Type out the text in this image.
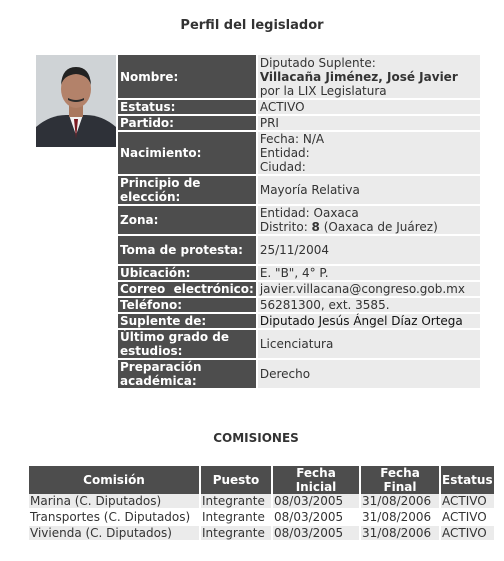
Perfil del legislador
Nombre:	Diputado Suplente:
Villacaña Jiménez, José Javier
por la LIX Legislatura

Estatus:	ACTIVO
Partido:	PRI
Nacimiento:	Fecha: N/A
Entidad:
Ciudad:

Principio de elección:	Mayoría Relativa
Zona:	Entidad: Oaxaca
Distrito: 8 (Oaxaca de Juárez)

Toma de protesta:	25/11/2004
Ubicación:	E. "B", 4° P.
Correo  electrónico:	javier.villacana@congreso.gob.mx
Teléfono:	56281300, ext. 3585.
Suplente de:	Diputado Jesús Ángel Díaz Ortega
Último grado de estudios:	Licenciatura
Preparación académica:	Derecho
COMISIONES
Comisión	Puesto	Fecha Inicial	Fecha Final	Estatus
Marina (C. Diputados)	Integrante	08/03/2005	31/08/2006	ACTIVO
Transportes (C. Diputados)	Integrante	08/03/2005	31/08/2006	ACTIVO
Vivienda (C. Diputados)	Integrante	08/03/2005	31/08/2006	ACTIVO
